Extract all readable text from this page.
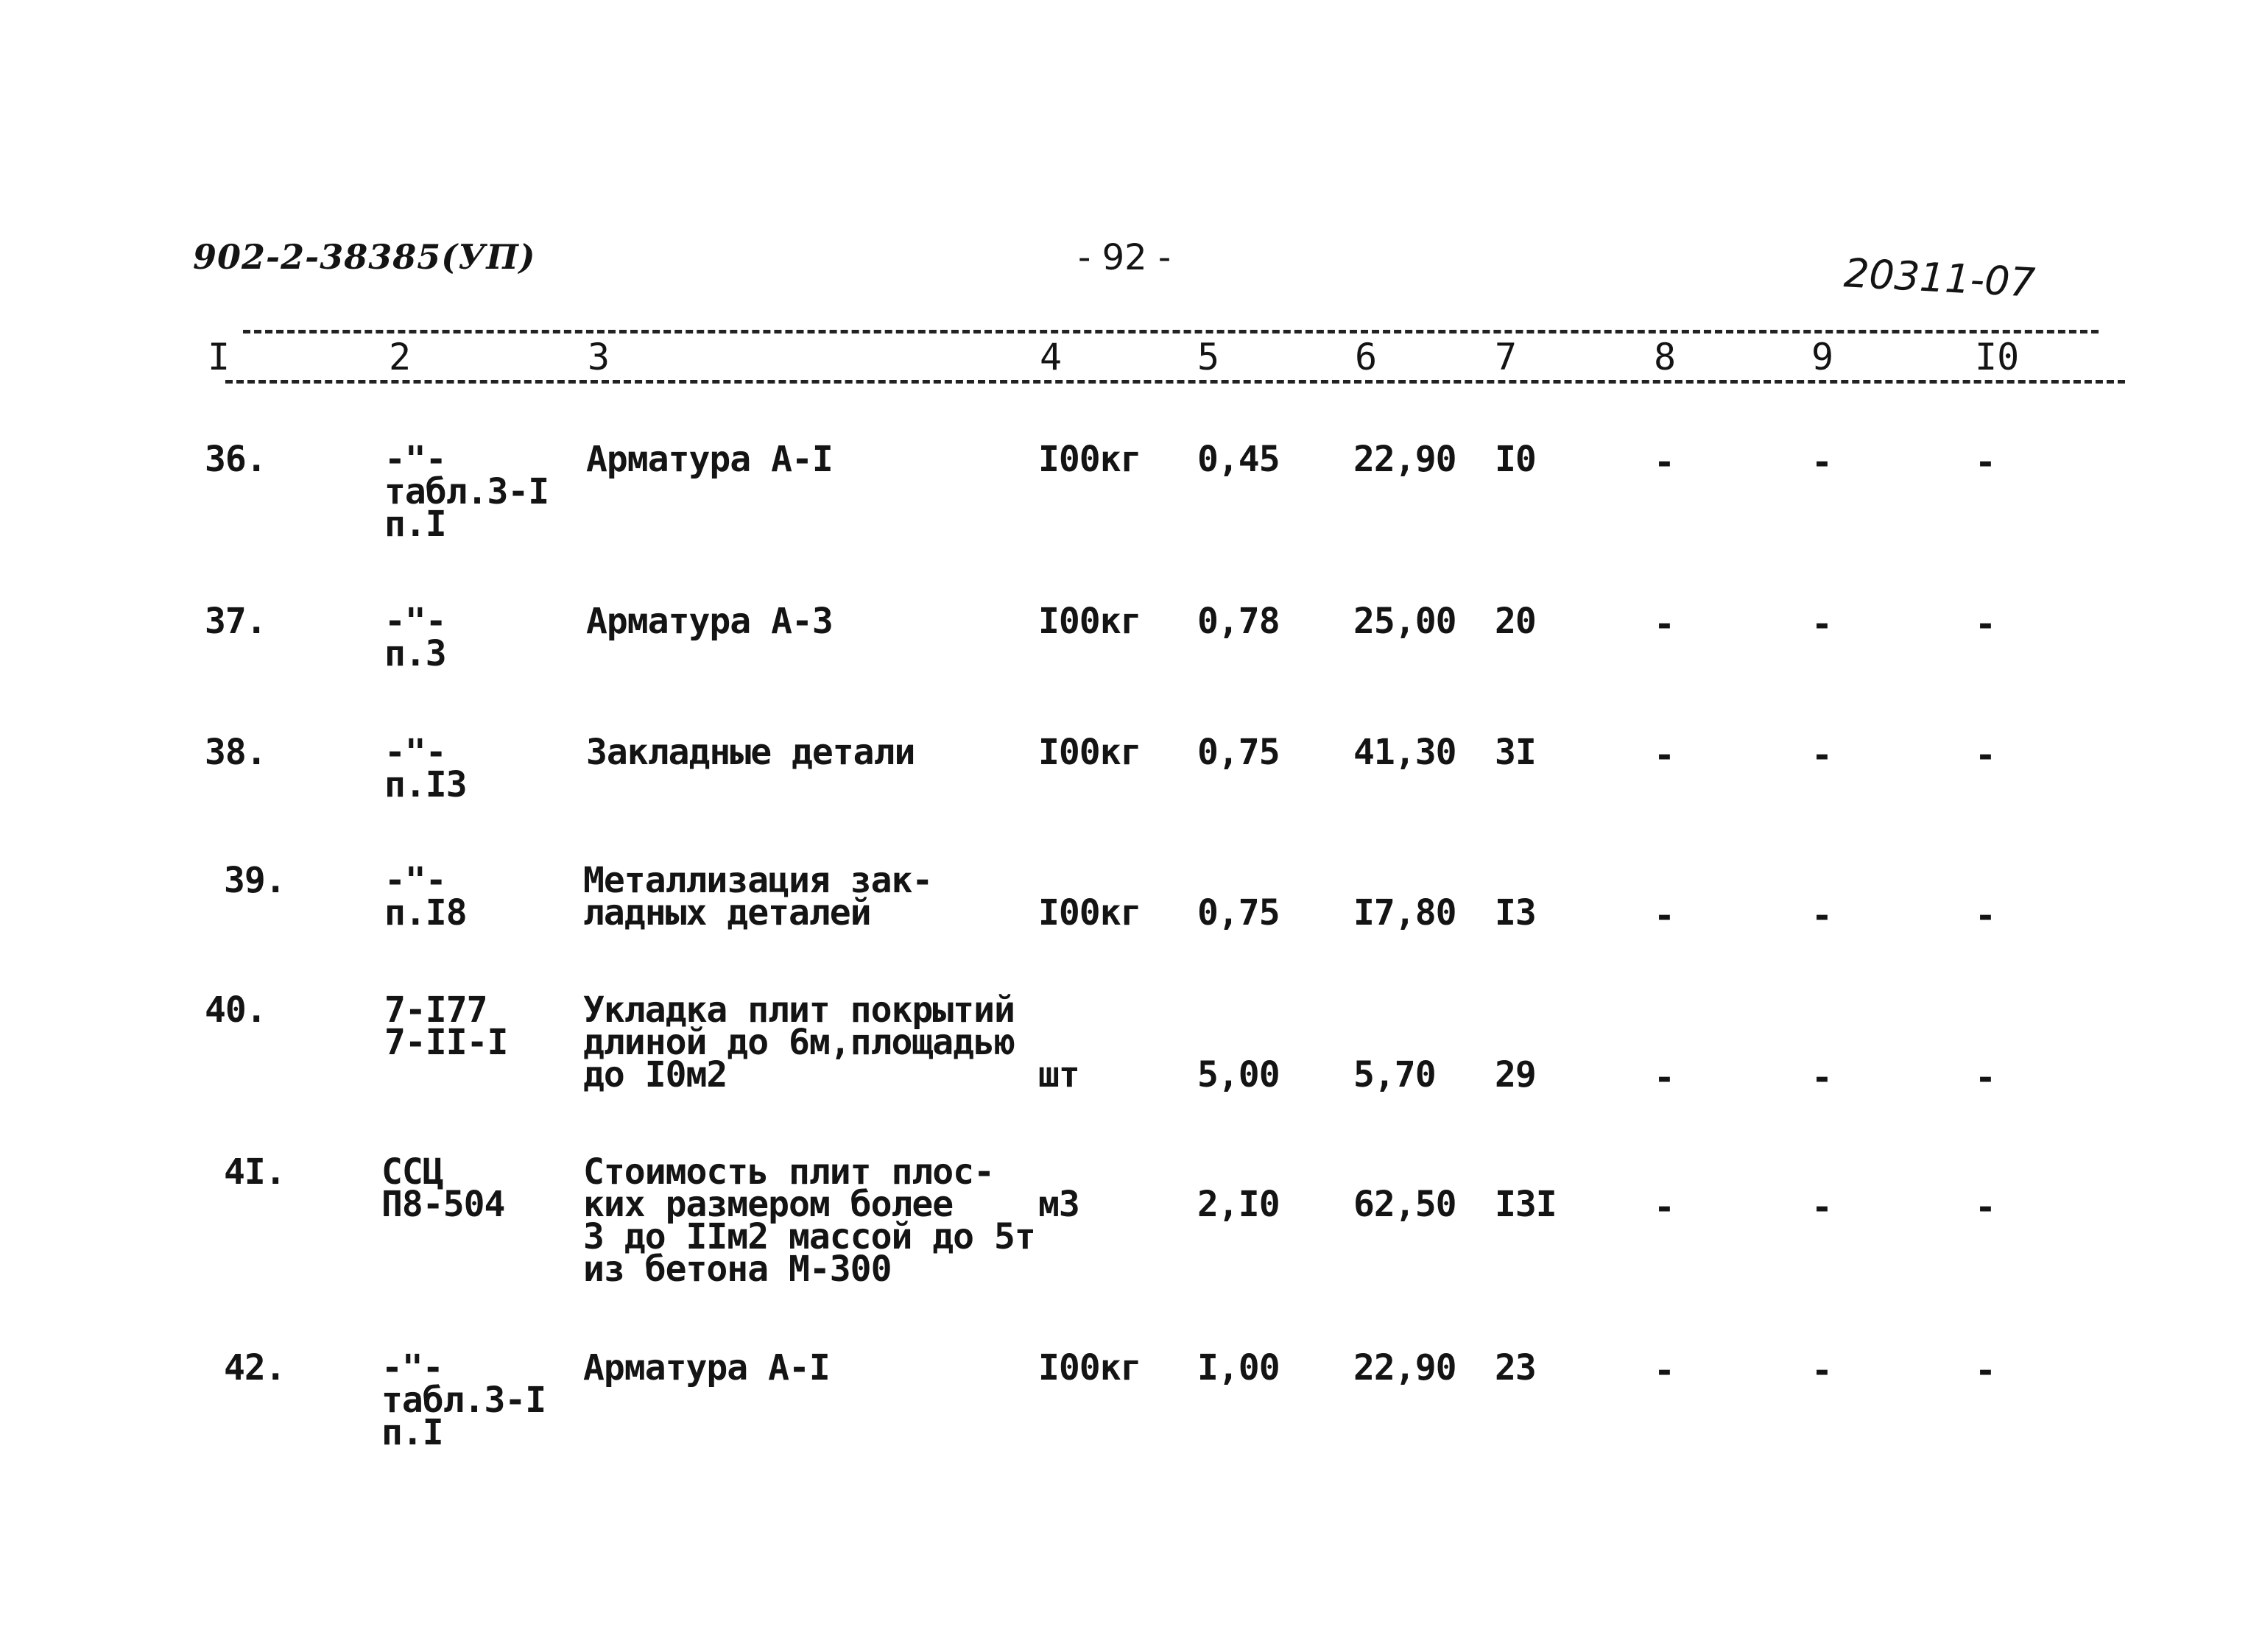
902-2-38385(УП)	- 92 -	20311-07
I	2	3	4	5	6	7	8	9	I0
36.	-"-
табл.3-I
п.I
Арматура А-I	I00кг 0,45 22,90 I0	-	-	-
37.	-"-
п.3
Арматура А-3	I00кг 0,78 25,00 20	-	-	-
38.	-"-
п.I3
Закладные детали	I00кг 0,75 41,30 3I	-	-	-
39.	-"-
п.I8
Металлизация зак-
ладных деталей	I00кг 0,75 I7,80 I3	-	-	-
40.	7-I77
7-II-I
Укладка плит покрытий
длиной до 6м,площадью
до I0м2	шт	5,00 5,70 29	-	-	-
4I.	ССЦ
П8-504
Стоимость плит плос-
ких размером более
3 до IIм2 массой до 5т
из бетона М-300
м3	2,I0 62,50 I3I	-	-	-
42.	-"-
табл.3-I
п.I
Арматура А-I	I00кг I,00 22,90 23	-	-	-
